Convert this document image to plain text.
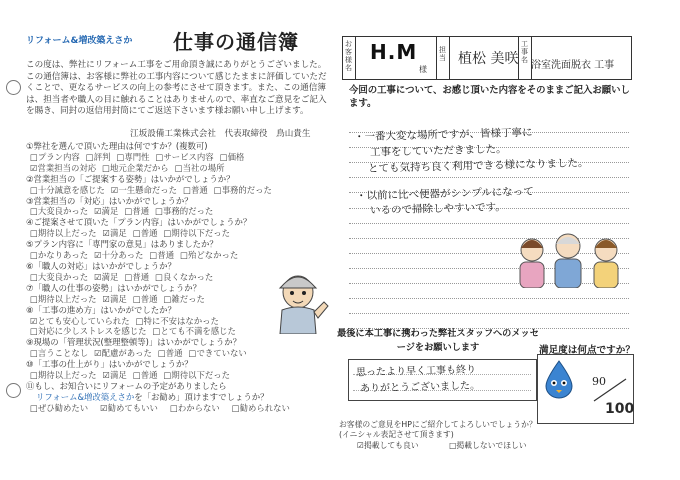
リフォーム&増改築えさか 仕事の通信簿
この度は、弊社にリフォーム工事をご用命頂き誠にありがとうございました。この通信簿は、お客様に弊社の工事内容について感じたままに評価していただくことで、更なるサービスの向上の参考にさせて頂きます。また、この通信簿は、担当者や職人の目に触れることはありませんので、率直なご意見をご記入を賜き、同封の返信用封筒にてご返送下さいます様お願い申し上げます。
江坂設備工業株式会社　代表取締役　鳥山貴生
①弊社を選んで頂いた理由は何ですか？(複数可)
□プラン内容 □評判 □専門性 □サービス内容 □価格
☑営業担当の対応 □地元企業だから □当社の場所
②営業担当の「ご提案する姿勢」はいかがでしょうか？
□十分誠意を感じた ☑一生懸命だった □普通 □事務的だった
③営業担当の「対応」はいかがでしょうか？
□大変良かった ☑満足 □普通 □事務的だった
④ご提案させて頂いた「プラン内容」はいかがでしょうか？
□期待以上だった ☑満足 □普通 □期待以下だった
⑤プラン内容に「専門家の意見」はありましたか？
□かなりあった ☑十分あった □普通 □殆どなかった
⑥「職人の対応」はいかがでしょうか？
□大変良かった ☑満足 □普通 □良くなかった
⑦「職人の仕事の姿勢」はいかがでしょうか？
□期待以上だった ☑満足 □普通 □雑だった
⑧「工事の進め方」はいかがでしたか？
☑とても安心していられた □特に不安はなかった
□対応に少しストレスを感じた □とても不満を感じた
⑨現場の「管理状況(整理整頓等)」はいかがでしょうか？
□言うことなし ☑配慮があった □普通 □できていない
⑩「工事の仕上がり」はいかがでしょうか？
□期待以上だった ☑満足 □普通 □期待以下だった
⑪もし、お知合いにリフォームの予定がありましたら
リフォーム&増改築えさかを「お勧め」頂けますでしょうか？
□ぜひ勧めたい ☑勧めてもいい □わからない □勧められない
お客様名
H.M
様
担当 植松 美咲
工事名 浴室洗面脱衣 工事
今回の工事について、お感じ頂いた内容をそのままご記入お願いします。
・一番大変な場所ですが、皆様丁寧に
工事をしていただきました。
とても気持ち良く利用できる様になりました。
・以前に比べ便器がシンプルになって
いるので掃除しやすいです。
最後に本工事に携わった弊社スタッフへのメッセージをお願いします
思ったより早く工事も終り
ありがとうございました。
満足度は何点ですか？
90
100
お客様のご意見をHPにご紹介してよろしいでしょうか？
(イニシャル表記させて頂きます)
☑掲載しても良い	□掲載しないでほしい
